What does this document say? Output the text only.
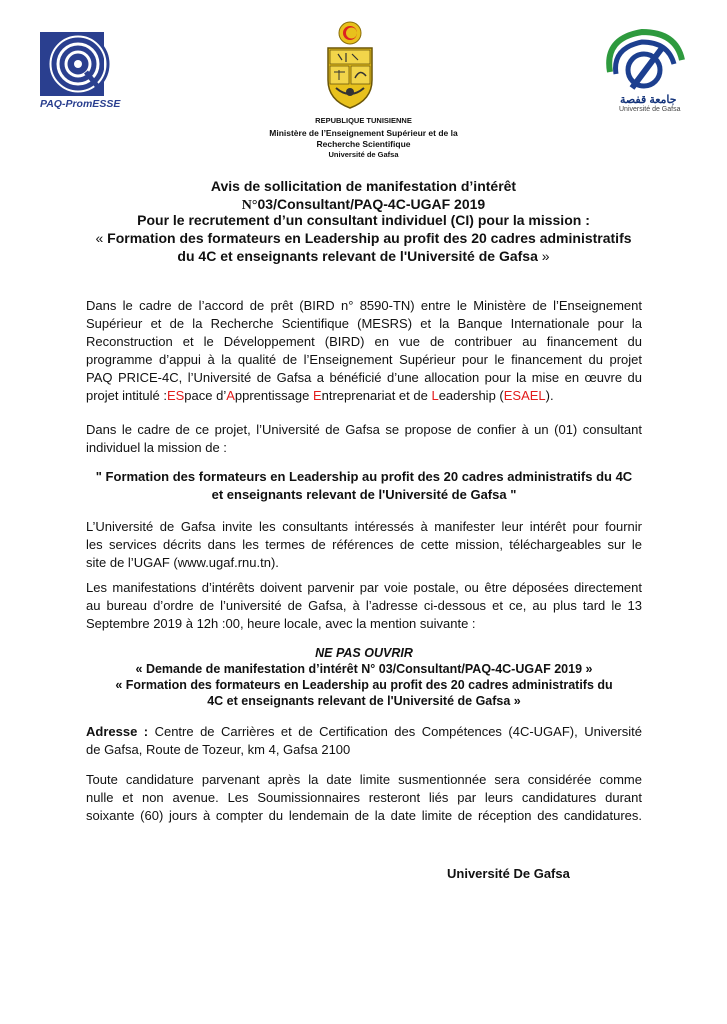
PAQ-PromESSE	جامعة قفصة
Université de Gafsa
REPUBLIQUE TUNISIENNE
Ministère de l’Enseignement Supérieur et de la
Recherche Scientifique
Université de Gafsa
Avis de sollicitation de manifestation d’intérêt
N°03/Consultant/PAQ-4C-UGAF 2019
Pour le recrutement d’un consultant individuel (CI) pour la mission :
« Formation des formateurs en Leadership au profit des 20 cadres administratifs
du 4C et enseignants relevant de l'Université de Gafsa »
Dans le cadre de l’accord de prêt (BIRD n° 8590-TN) entre le Ministère de l’Enseignement
Supérieur et de la Recherche Scientifique (MESRS) et la Banque Internationale pour la
Reconstruction et le Développement (BIRD) en vue de contribuer au financement du
programme d’appui à la qualité de l’Enseignement Supérieur pour le financement du projet
PAQ PRICE-4C, l’Université de Gafsa a bénéficié d’une allocation pour la mise en œuvre du
projet intitulé :ESpace d’Apprentissage Entreprenariat et de Leadership (ESAEL).
Dans le cadre de ce projet, l’Université de Gafsa se propose de confier à un (01) consultant
individuel la mission de :
" Formation des formateurs en Leadership au profit des 20 cadres administratifs du 4C
et enseignants relevant de l'Université de Gafsa "
L’Université de Gafsa invite les consultants intéressés à manifester leur intérêt pour fournir
les services décrits dans les termes de références de cette mission, téléchargeables sur le
site de l’UGAF (www.ugaf.rnu.tn).
Les manifestations d’intérêts doivent parvenir par voie postale, ou être déposées directement
au bureau d’ordre de l’université de Gafsa, à l’adresse ci-dessous et ce, au plus tard le 13
Septembre 2019 à 12h :00, heure locale, avec la mention suivante :
NE PAS OUVRIR
« Demande de manifestation d’intérêt N° 03/Consultant/PAQ-4C-UGAF 2019 »
« Formation des formateurs en Leadership au profit des 20 cadres administratifs du
4C et enseignants relevant de l'Université de Gafsa »
Adresse : Centre de Carrières et de Certification des Compétences (4C-UGAF), Université
de Gafsa, Route de Tozeur, km 4, Gafsa 2100
Toute candidature parvenant après la date limite susmentionnée sera considérée comme
nulle et non avenue. Les Soumissionnaires resteront liés par leurs candidatures durant
soixante (60) jours à compter du lendemain de la date limite de réception des candidatures.
Université De Gafsa
